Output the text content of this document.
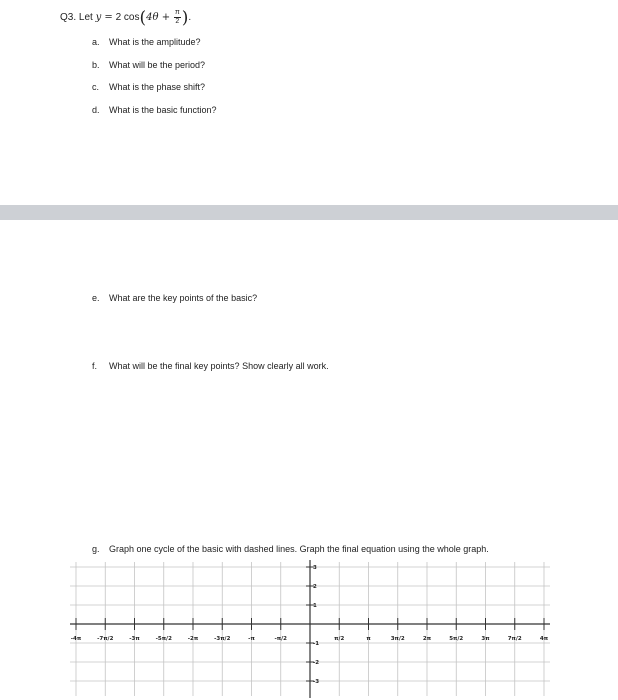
Q3. Let y = 2 $\cos(4\theta + \frac{\pi}{2}$ ).
a. What is the amplitude?
b. What will be the period?
c. What is the phase shift?
d. What is the basic function?
e. What are the key points of the basic?
f. What will be the final key points? Show clearly all work.
g. Graph one cycle of the basic with dashed lines. Graph the final equation using the whole graph.
-4π	-7π/2	-3π	-5π/2	-2π	-3π/2	-π	-π/2	π/2	π	3π/2	2π	5π/2	3π	7π/2	4π
3
2
1
-1
-2
-3
